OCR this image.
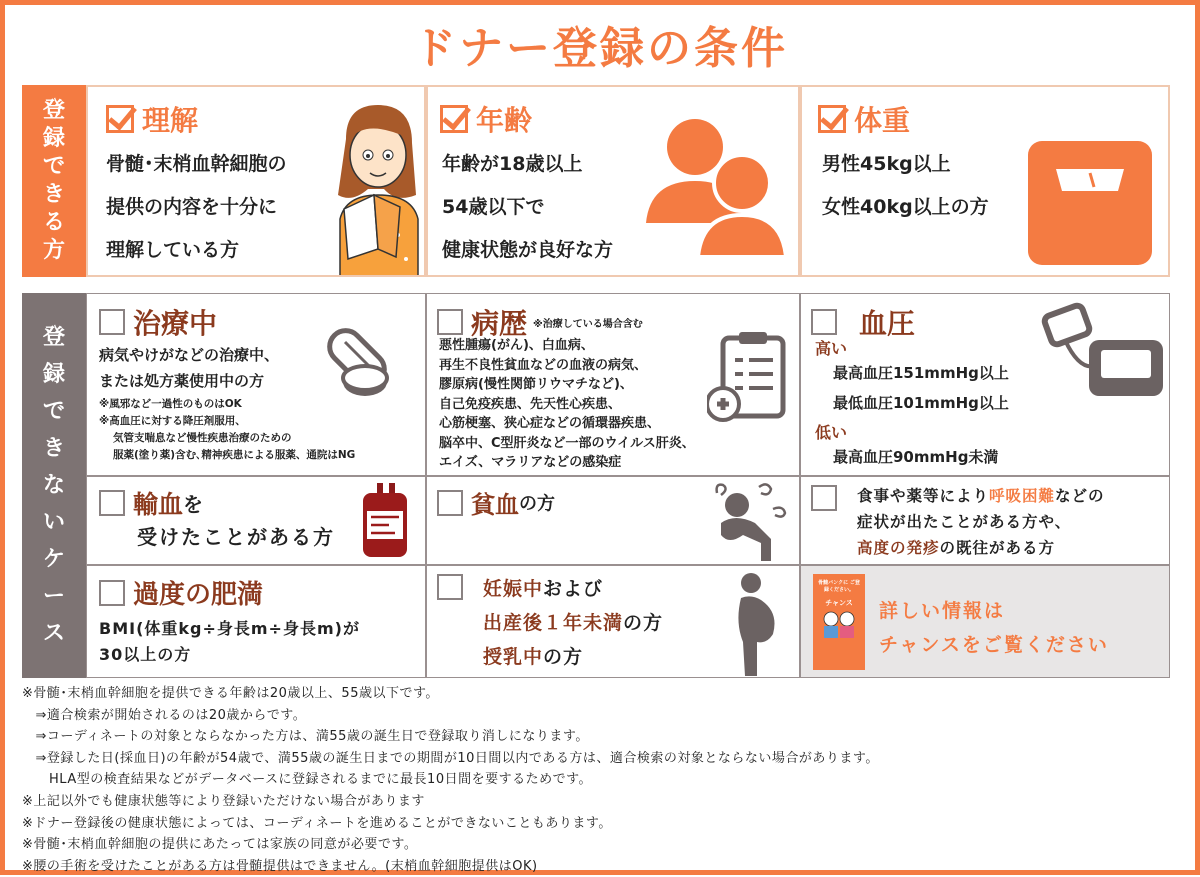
ドナー登録の条件
登
録
で
き
る
方
登
録
で
き
な
い
ケ
ー
ス
理解
骨髄･末梢血幹細胞の
提供の内容を十分に
理解している方
年齢
年齢が18歳以上
54歳以下で
健康状態が良好な方
体重
男性45kg以上
女性40kg以上の方
治療中
病気やけがなどの治療中、
または処方薬使用中の方
※風邪など一過性のものはOK
※高血圧に対する降圧剤服用、
気管支喘息など慢性疾患治療のための
服薬(塗り薬)含む､精神疾患による服薬、通院はNG
病歴 ※治療している場合含む
悪性腫瘍(がん)、白血病、
再生不良性貧血などの血液の病気、
膠原病(慢性関節リウマチなど)、
自己免疫疾患、先天性心疾患、
心筋梗塞、狭心症などの循環器疾患、
脳卒中、C型肝炎など一部のウイルス肝炎、
エイズ、マラリアなどの感染症
血圧
高い
最高血圧151mmHg以上
最低血圧101mmHg以上
低い
最高血圧90mmHg未満
輸血を
受けたことがある方
貧血の方	食事や薬等により呼吸困難などの
症状が出たことがある方や、
高度の発疹の既往がある方
過度の肥満
BMI(体重kg÷身長m÷身長m)が
30以上の方
妊娠中および
出産後１年未満の方
授乳中の方
骨髄バンクに ご登録ください。
チャンス	詳しい情報は
チャンスをご覧ください
※骨髄･末梢血幹細胞を提供できる年齢は20歳以上、55歳以下です。
　⇒適合検索が開始されるのは20歳からです。
　⇒コーディネートの対象とならなかった方は、満55歳の誕生日で登録取り消しになります。
　⇒登録した日(採血日)の年齢が54歳で、満55歳の誕生日までの期間が10日間以内である方は、適合検索の対象とならない場合があります。
　　HLA型の検査結果などがデータベースに登録されるまでに最長10日間を要するためです。
※上記以外でも健康状態等により登録いただけない場合があります
※ドナー登録後の健康状態によっては、コーディネートを進めることができないこともあります。
※骨髄･末梢血幹細胞の提供にあたっては家族の同意が必要です。
※腰の手術を受けたことがある方は骨髄提供はできません。(末梢血幹細胞提供はOK)
